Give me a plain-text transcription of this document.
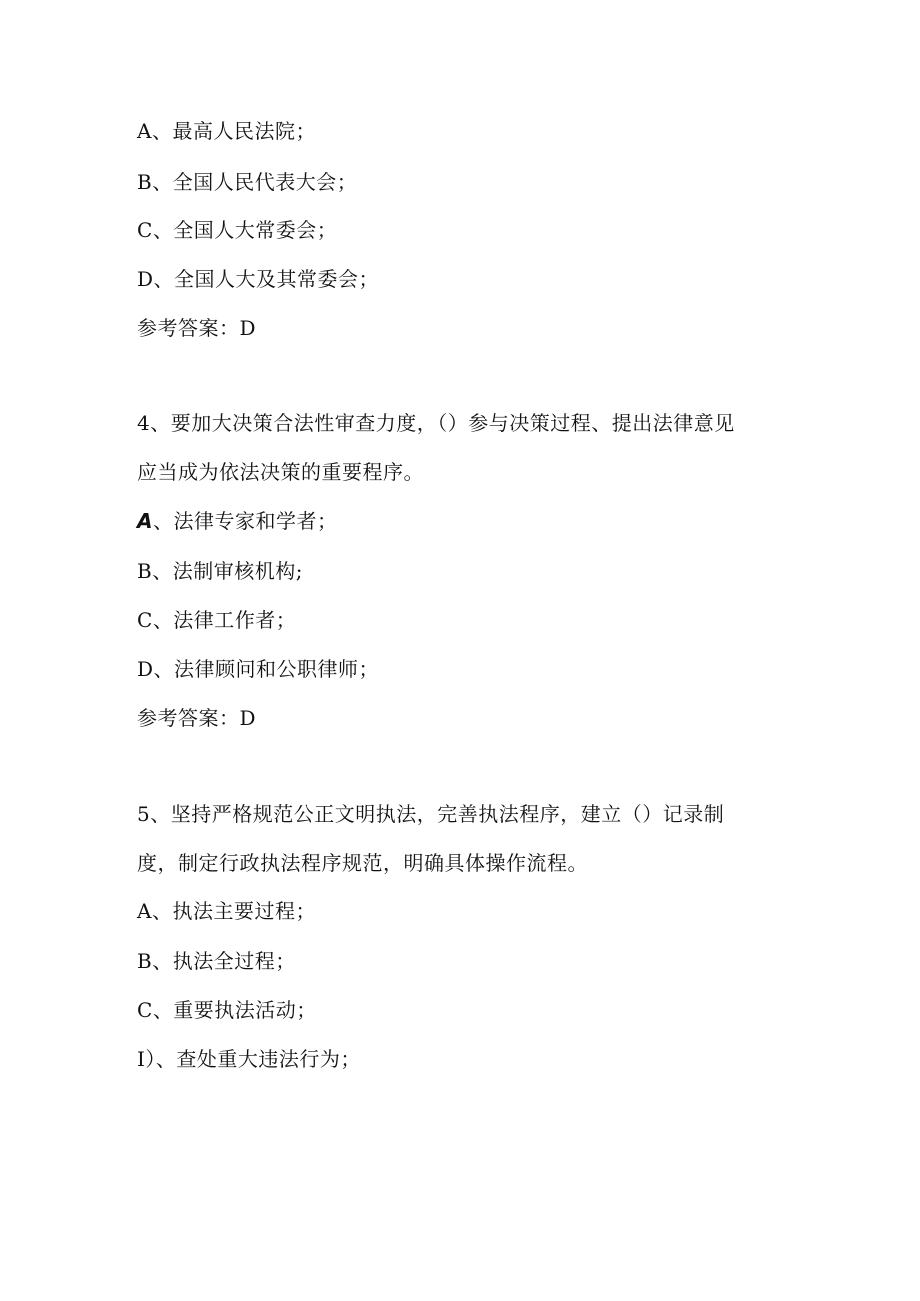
A、最高人民法院；
B、全国人民代表大会；
C、全国人大常委会；
D、全国人大及其常委会；
参考答案：D
4、要加大决策合法性审查力度，（）参与决策过程、提出法律意见
应当成为依法决策的重要程序。
A、法律专家和学者；
B、法制审核机构;
C、法律工作者；
D、法律顾问和公职律师；
参考答案：D
5、坚持严格规范公正文明执法，完善执法程序，建立（）记录制
度，制定行政执法程序规范，明确具体操作流程。
A、执法主要过程；
B、执法全过程；
C、重要执法活动；
I）、查处重大违法行为；
